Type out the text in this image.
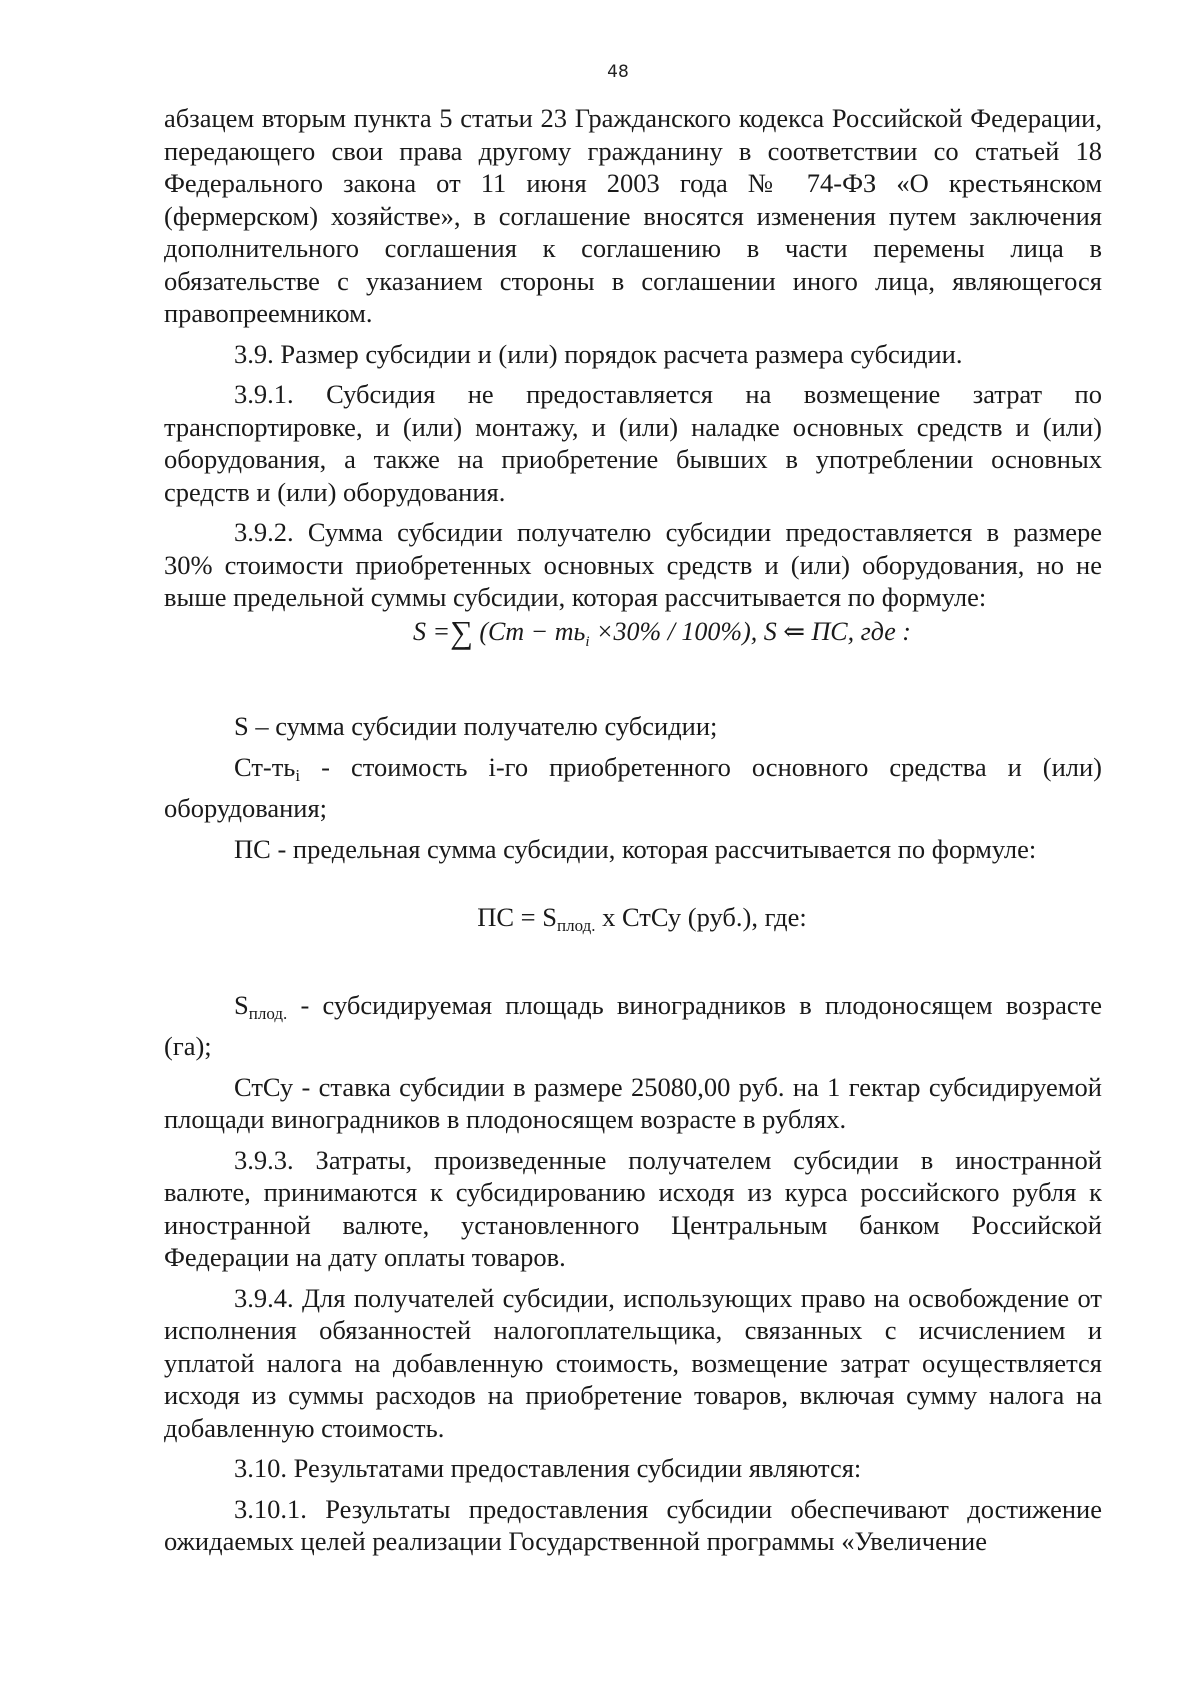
48

абзацем вторым пункта 5 статьи 23 Гражданского кодекса Российской Федерации, передающего свои права другому гражданину в соответствии со статьей 18 Федерального закона от 11 июня 2003 года № 74-ФЗ «О крестьянском (фермерском) хозяйстве», в соглашение вносятся изменения путем заключения дополнительного соглашения к соглашению в части перемены лица в обязательстве с указанием стороны в соглашении иного лица, являющегося правопреемником.

3.9. Размер субсидии и (или) порядок расчета размера субсидии.

3.9.1. Субсидия не предоставляется на возмещение затрат по транспортировке, и (или) монтажу, и (или) наладке основных средств и (или) оборудования, а также на приобретение бывших в употреблении основных средств и (или) оборудования.

3.9.2. Сумма субсидии получателю субсидии предоставляется в размере 30% стоимости приобретенных основных средств и (или) оборудования, но не выше предельной суммы субсидии, которая рассчитывается по формуле:

S =∑ $(Cm - mь_i \times 30\% / 100\%)$, S ⇐ ПС, где :

S – сумма субсидии получателю субсидии;

Ст-тьi - стоимость i-го приобретенного основного средства и (или) оборудования;

ПС - предельная сумма субсидии, которая рассчитывается по формуле:

ПС = Sплод. х СтСу (руб.), где:

Sплод. - субсидируемая площадь виноградников в плодоносящем возрасте (га);

СтСу - ставка субсидии в размере 25080,00 руб. на 1 гектар субсидируемой площади виноградников в плодоносящем возрасте в рублях.

3.9.3. Затраты, произведенные получателем субсидии в иностранной валюте, принимаются к субсидированию исходя из курса российского рубля к иностранной валюте, установленного Центральным банком Российской Федерации на дату оплаты товаров.

3.9.4. Для получателей субсидии, использующих право на освобождение от исполнения обязанностей налогоплательщика, связанных с исчислением и уплатой налога на добавленную стоимость, возмещение затрат осуществляется исходя из суммы расходов на приобретение товаров, включая сумму налога на добавленную стоимость.

3.10. Результатами предоставления субсидии являются:

3.10.1. Результаты предоставления субсидии обеспечивают достижение ожидаемых целей реализации Государственной программы «Увеличение
